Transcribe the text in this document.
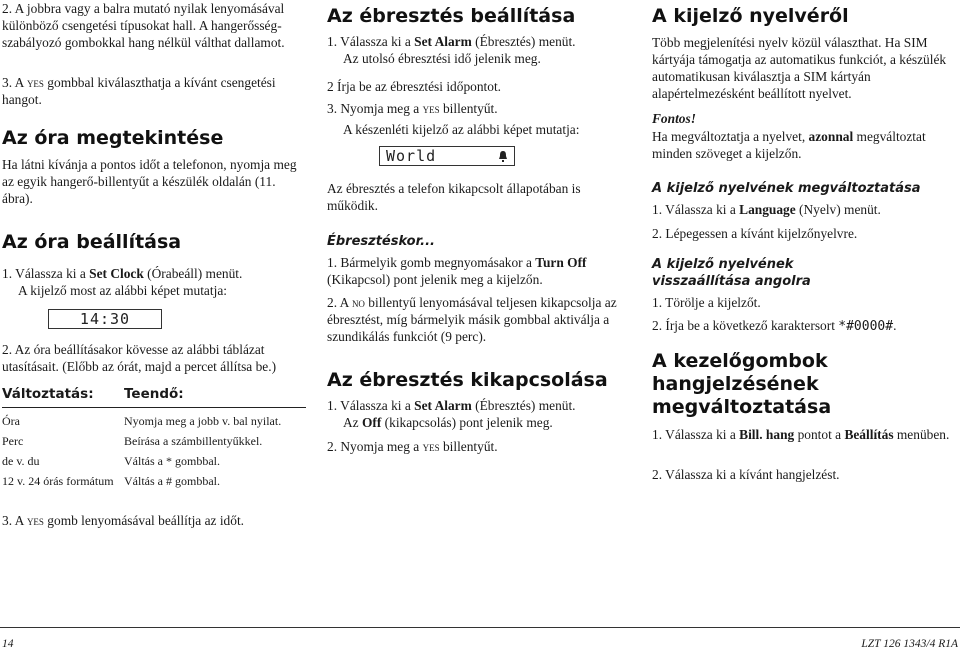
2. A jobbra vagy a balra mutató nyilak lenyomásával különböző csengetési típusokat hall. A hangerősség-szabályozó gombokkal hang nélkül válthat dallamot.

3. A yes gombbal kiválaszthatja a kívánt csengetési hangot.

Az óra megtekintése

Ha látni kívánja a pontos időt a telefonon, nyomja meg az egyik hangerő-billentyűt a készülék oldalán (11. ábra).

Az óra beállítása

1. Válassza ki a Set Clock (Órabeáll) menüt.
A kijelző most az alábbi képet mutatja:

14:30

2. Az óra beállításakor kövesse az alábbi táblázat utasításait. (Előbb az órát, majd a percet állítsa be.)

Változtatás:	Teendő:

Óra	Nyomja meg a jobb v. bal nyilat.

Perc	Beírása a számbillentyűkkel.

de v. du	Váltás a * gombbal.

12 v. 24 órás formátum	Váltás a # gombbal.

3. A yes gomb lenyomásával beállítja az időt.

Az ébresztés beállítása

1. Válassza ki a Set Alarm (Ébresztés) menüt.
Az utolsó ébresztési idő jelenik meg.

2 Írja be az ébresztési időpontot.

3. Nyomja meg a yes billentyűt.

A készenléti kijelző az alábbi képet mutatja:

World

Az ébresztés a telefon kikapcsolt állapotában is működik.

Ébresztéskor...

1. Bármelyik gomb megnyomásakor a Turn Off (Kikapcsol) pont jelenik meg a kijelzőn.

2. A no billentyű lenyomásával teljesen kikapcsolja az ébresztést, míg bármelyik másik gombbal aktiválja a szundikálás funkciót (9 perc).

Az ébresztés kikapcsolása

1. Válassza ki a Set Alarm (Ébresztés) menüt.
Az Off (kikapcsolás) pont jelenik meg.

2. Nyomja meg a yes billentyűt.

A kijelző nyelvéről

Több megjelenítési nyelv közül választhat. Ha SIM kártyája támogatja az automatikus funkciót, a készülék automatikusan kiválasztja a SIM kártyán alapértelmezésként beállított nyelvet.

Fontos!

Ha megváltoztatja a nyelvet, azonnal megváltoztat minden szöveget a kijelzőn.

A kijelző nyelvének megváltoztatása

1. Válassza ki a Language (Nyelv) menüt.

2. Lépegessen a kívánt kijelzőnyelvre.

A kijelző nyelvének visszaállítása angolra

1. Törölje a kijelzőt.

2. Írja be a következő karaktersort *#0000#.

A kezelőgombok hangjelzésének megváltoztatása

1. Válassza ki a Bill. hang pontot a Beállítás menüben.

2. Válassza ki a kívánt hangjelzést.

14	LZT 126 1343/4 R1A
